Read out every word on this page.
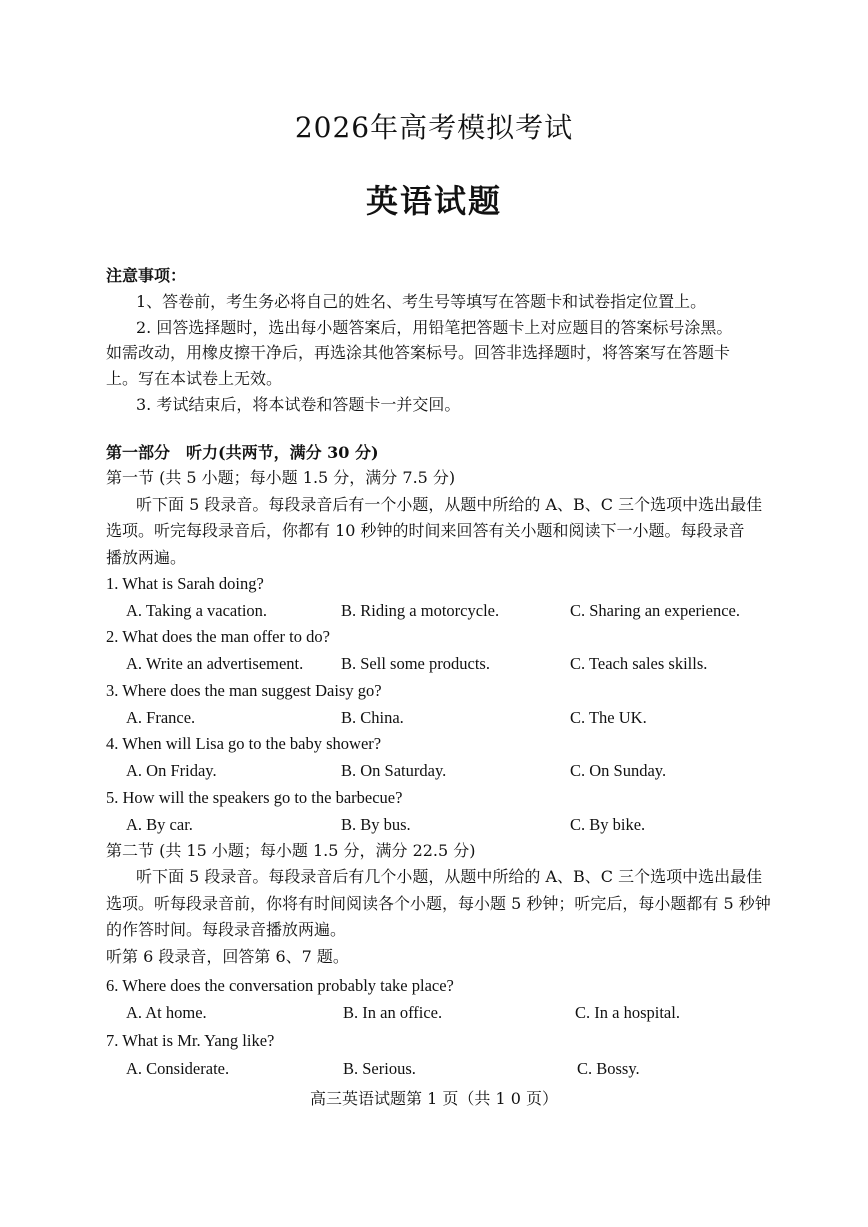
2026年高考模拟考试
英语试题
注意事项：
1、答卷前，考生务必将自己的姓名、考生号等填写在答题卡和试卷指定位置上。
2. 回答选择题时，选出每小题答案后，用铅笔把答题卡上对应题目的答案标号涂黑。
如需改动，用橡皮擦干净后，再选涂其他答案标号。回答非选择题时，将答案写在答题卡
上。写在本试卷上无效。
3. 考试结束后，将本试卷和答题卡一并交回。
第一部分　听力(共两节，满分 30 分)
第一节 (共 5 小题；每小题 1.5 分，满分 7.5 分)
听下面 5 段录音。每段录音后有一个小题，从题中所给的 A、B、C 三个选项中选出最佳
选项。听完每段录音后，你都有 10 秒钟的时间来回答有关小题和阅读下一小题。每段录音
播放两遍。
1. What is Sarah doing?
A. Taking a vacation.	B. Riding a motorcycle.	C. Sharing an experience.
2. What does the man offer to do?
A. Write an advertisement. B. Sell some products.	C. Teach sales skills.
3. Where does the man suggest Daisy go?
A. France.	B. China.	C. The UK.
4. When will Lisa go to the baby shower?
A. On Friday.	B. On Saturday.	C. On Sunday.
5. How will the speakers go to the barbecue?
A. By car.	B. By bus.	C. By bike.
第二节 (共 15 小题；每小题 1.5 分，满分 22.5 分)
听下面 5 段录音。每段录音后有几个小题，从题中所给的 A、B、C 三个选项中选出最佳
选项。听每段录音前，你将有时间阅读各个小题，每小题 5 秒钟；听完后，每小题都有 5 秒钟
的作答时间。每段录音播放两遍。
听第 6 段录音，回答第 6、7 题。
6. Where does the conversation probably take place?
A. At home.	B. In an office.	C. In a hospital.
7. What is Mr. Yang like?
A. Considerate.	B. Serious.	C. Bossy.
高三英语试题第 1 页（共 1 0 页）
